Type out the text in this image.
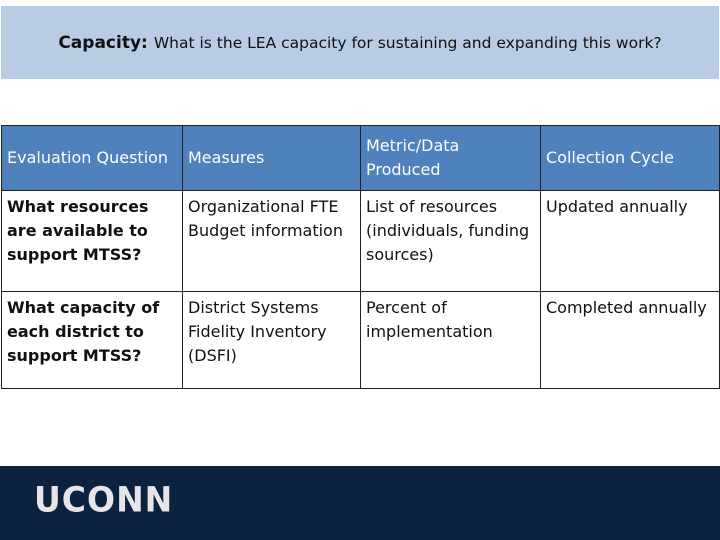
Capacity: What is the LEA capacity for sustaining and expanding this work?
Evaluation Question	Measures	Metric/Data Produced	Collection Cycle
What resources are available to support MTSS?	Organizational FTE Budget information	List of resources (individuals, funding sources)	Updated annually
What capacity of each district to support MTSS?	District Systems Fidelity Inventory (DSFI)	Percent of implementation	Completed annually
UCONN
